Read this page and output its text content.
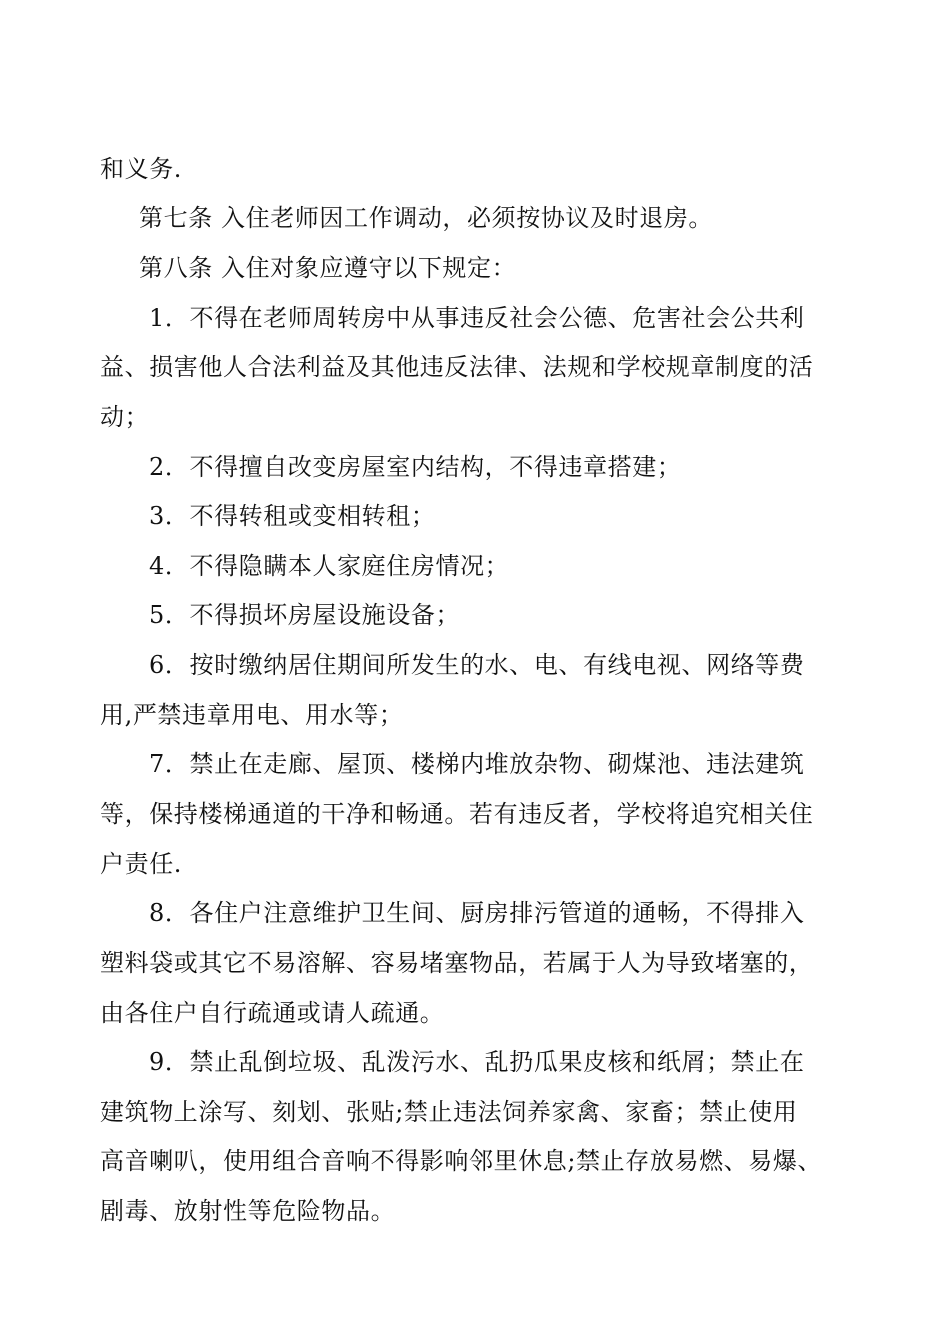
和义务.

第七条 入住老师因工作调动，必须按协议及时退房。

第八条 入住对象应遵守以下规定：

1．不得在老师周转房中从事违反社会公德、危害社会公共利

益、损害他人合法利益及其他违反法律、法规和学校规章制度的活

动；

2．不得擅自改变房屋室内结构，不得违章搭建；

3．不得转租或变相转租；

4．不得隐瞒本人家庭住房情况；

5．不得损坏房屋设施设备；

6．按时缴纳居住期间所发生的水、电、有线电视、网络等费

用,严禁违章用电、用水等；

7．禁止在走廊、屋顶、楼梯内堆放杂物、砌煤池、违法建筑

等，保持楼梯通道的干净和畅通。若有违反者，学校将追究相关住

户责任.

8．各住户注意维护卫生间、厨房排污管道的通畅，不得排入

塑料袋或其它不易溶解、容易堵塞物品，若属于人为导致堵塞的，

由各住户自行疏通或请人疏通。

9．禁止乱倒垃圾、乱泼污水、乱扔瓜果皮核和纸屑；禁止在

建筑物上涂写、刻划、张贴;禁止违法饲养家禽、家畜；禁止使用

高音喇叭，使用组合音响不得影响邻里休息;禁止存放易燃、易爆、

剧毒、放射性等危险物品。
